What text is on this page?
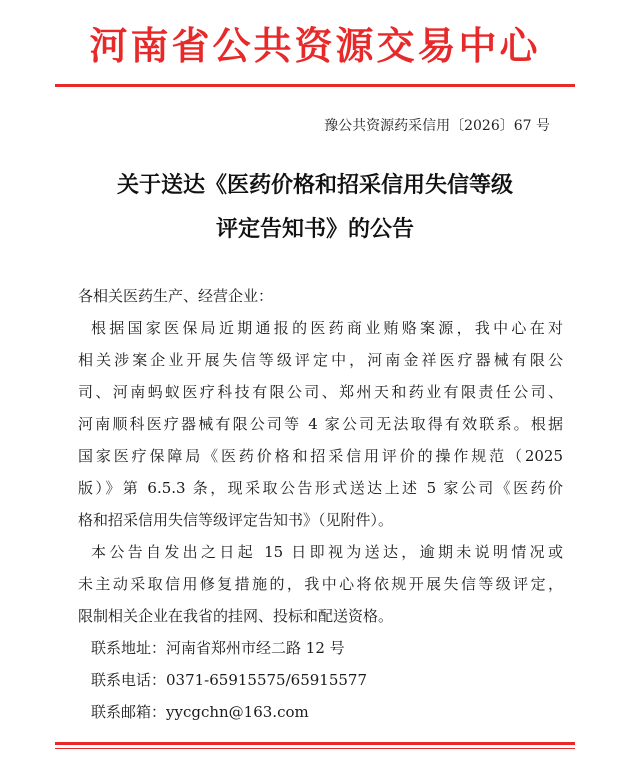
河南省公共资源交易中心
豫公共资源药采信用〔2026〕67 号
关于送达《医药价格和招采信用失信等级
评定告知书》的公告
各相关医药生产、经营企业：
根据国家医保局近期通报的医药商业贿赂案源，我中心在对
相关涉案企业开展失信等级评定中，河南金祥医疗器械有限公
司、河南蚂蚁医疗科技有限公司、郑州天和药业有限责任公司、
河南顺科医疗器械有限公司等 4 家公司无法取得有效联系。根据
国家医疗保障局《医药价格和招采信用评价的操作规范（2025
版）》第 6.5.3 条，现采取公告形式送达上述 5 家公司《医药价
格和招采信用失信等级评定告知书》（见附件）。
本公告自发出之日起 15 日即视为送达，逾期未说明情况或
未主动采取信用修复措施的，我中心将依规开展失信等级评定，
限制相关企业在我省的挂网、投标和配送资格。
联系地址：河南省郑州市经二路 12 号
联系电话：0371-65915575/65915577
联系邮箱：yycgchn@163.com
